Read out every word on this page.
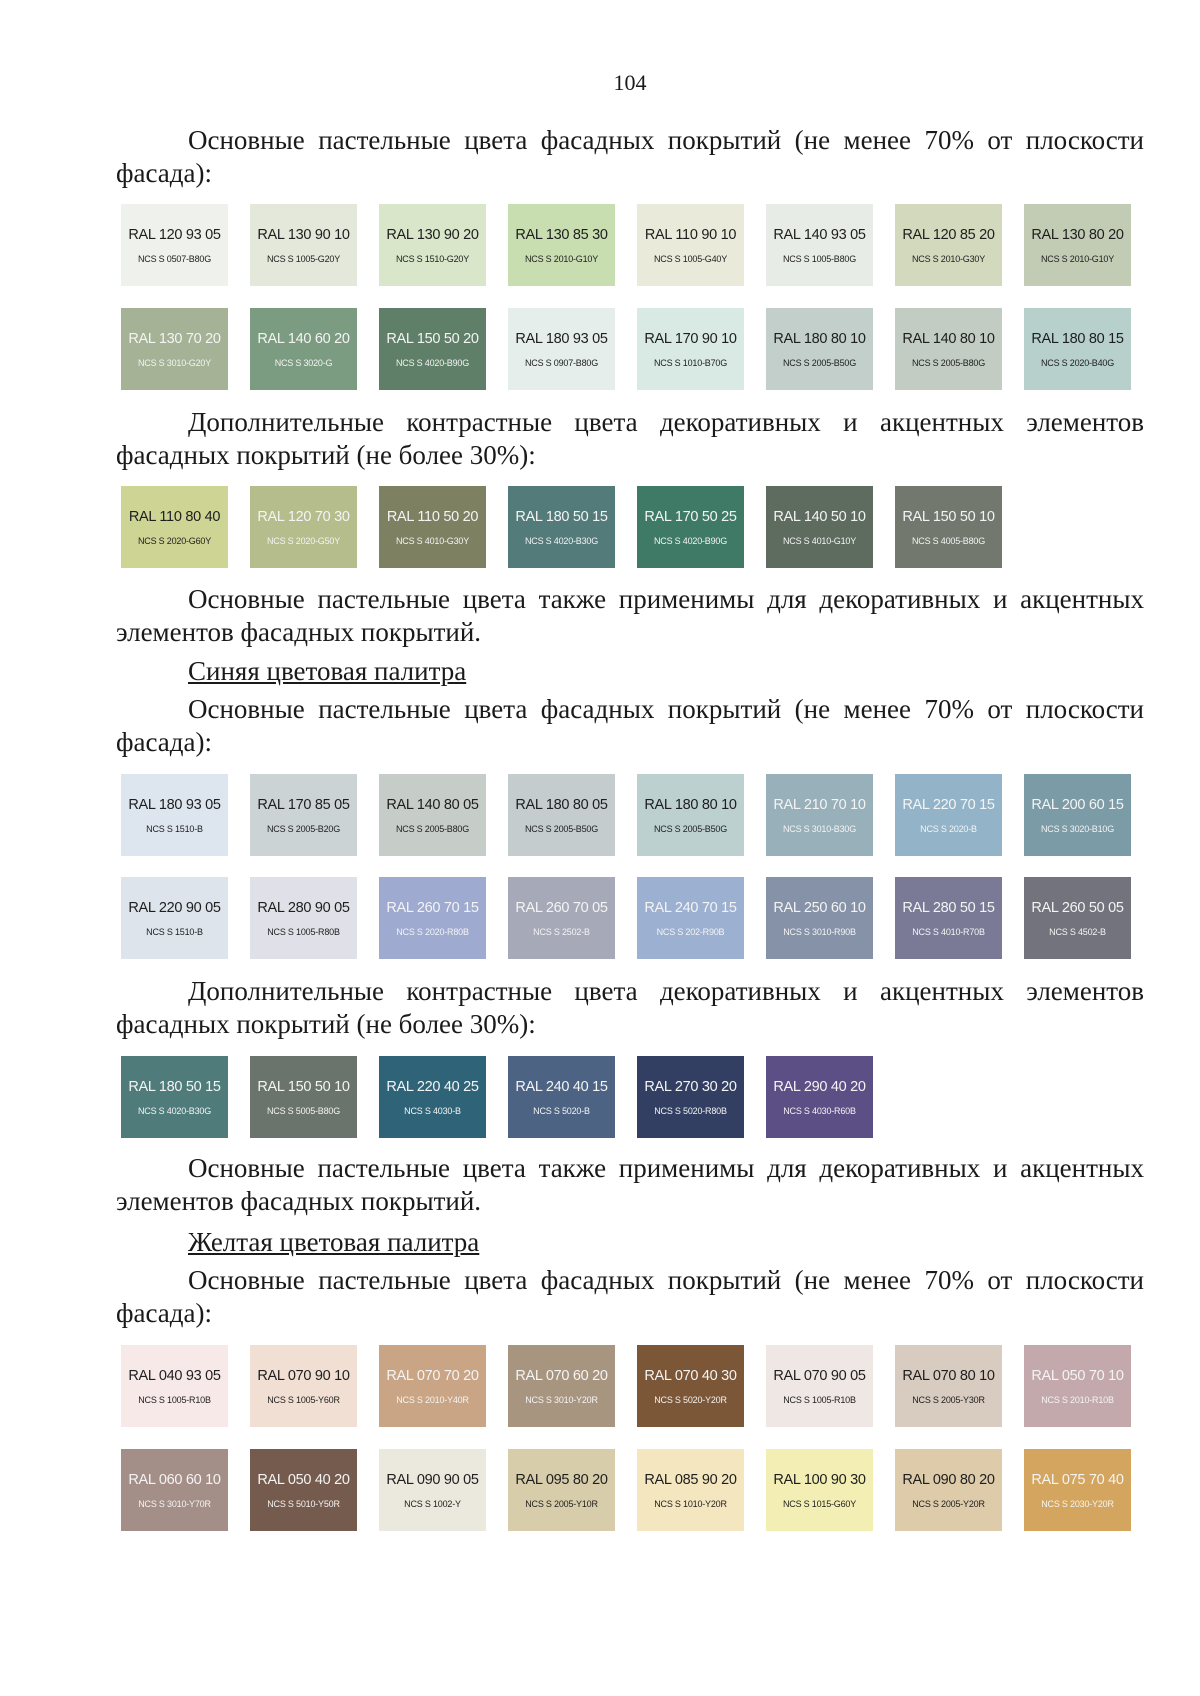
104

Основные пастельные цвета фасадных покрытий (не менее 70% от плоскости фасада):

RAL 120 93 05
NCS S 0507-B80G
RAL 130 90 10
NCS S 1005-G20Y
RAL 130 90 20
NCS S 1510-G20Y
RAL 130 85 30
NCS S 2010-G10Y
RAL 110 90 10
NCS S 1005-G40Y
RAL 140 93 05
NCS S 1005-B80G
RAL 120 85 20
NCS S 2010-G30Y
RAL 130 80 20
NCS S 2010-G10Y
RAL 130 70 20
NCS S 3010-G20Y
RAL 140 60 20
NCS S 3020-G
RAL 150 50 20
NCS S 4020-B90G
RAL 180 93 05
NCS S 0907-B80G
RAL 170 90 10
NCS S 1010-B70G
RAL 180 80 10
NCS S 2005-B50G
RAL 140 80 10
NCS S 2005-B80G
RAL 180 80 15
NCS S 2020-B40G

Дополнительные контрастные цвета декоративных и акцентных элементов фасадных покрытий (не более 30%):

RAL 110 80 40
NCS S 2020-G60Y
RAL 120 70 30
NCS S 2020-G50Y
RAL 110 50 20
NCS S 4010-G30Y
RAL 180 50 15
NCS S 4020-B30G
RAL 170 50 25
NCS S 4020-B90G
RAL 140 50 10
NCS S 4010-G10Y
RAL 150 50 10
NCS S 4005-B80G

Основные пастельные цвета также применимы для декоративных и акцентных элементов фасадных покрытий.

Синяя цветовая палитра

Основные пастельные цвета фасадных покрытий (не менее 70% от плоскости фасада):

RAL 180 93 05
NCS S 1510-B
RAL 170 85 05
NCS S 2005-B20G
RAL 140 80 05
NCS S 2005-B80G
RAL 180 80 05
NCS S 2005-B50G
RAL 180 80 10
NCS S 2005-B50G
RAL 210 70 10
NCS S 3010-B30G
RAL 220 70 15
NCS S 2020-B
RAL 200 60 15
NCS S 3020-B10G
RAL 220 90 05
NCS S 1510-B
RAL 280 90 05
NCS S 1005-R80B
RAL 260 70 15
NCS S 2020-R80B
RAL 260 70 05
NCS S 2502-B
RAL 240 70 15
NCS S 202-R90B
RAL 250 60 10
NCS S 3010-R90B
RAL 280 50 15
NCS S 4010-R70B
RAL 260 50 05
NCS S 4502-B

Дополнительные контрастные цвета декоративных и акцентных элементов фасадных покрытий (не более 30%):

RAL 180 50 15
NCS S 4020-B30G
RAL 150 50 10
NCS S 5005-B80G
RAL 220 40 25
NCS S 4030-B
RAL 240 40 15
NCS S 5020-B
RAL 270 30 20
NCS S 5020-R80B
RAL 290 40 20
NCS S 4030-R60B

Основные пастельные цвета также применимы для декоративных и акцентных элементов фасадных покрытий.

Желтая цветовая палитра

Основные пастельные цвета фасадных покрытий (не менее 70% от плоскости фасада):

RAL 040 93 05
NCS S 1005-R10B
RAL 070 90 10
NCS S 1005-Y60R
RAL 070 70 20
NCS S 2010-Y40R
RAL 070 60 20
NCS S 3010-Y20R
RAL 070 40 30
NCS S 5020-Y20R
RAL 070 90 05
NCS S 1005-R10B
RAL 070 80 10
NCS S 2005-Y30R
RAL 050 70 10
NCS S 2010-R10B
RAL 060 60 10
NCS S 3010-Y70R
RAL 050 40 20
NCS S 5010-Y50R
RAL 090 90 05
NCS S 1002-Y
RAL 095 80 20
NCS S 2005-Y10R
RAL 085 90 20
NCS S 1010-Y20R
RAL 100 90 30
NCS S 1015-G60Y
RAL 090 80 20
NCS S 2005-Y20R
RAL 075 70 40
NCS S 2030-Y20R
